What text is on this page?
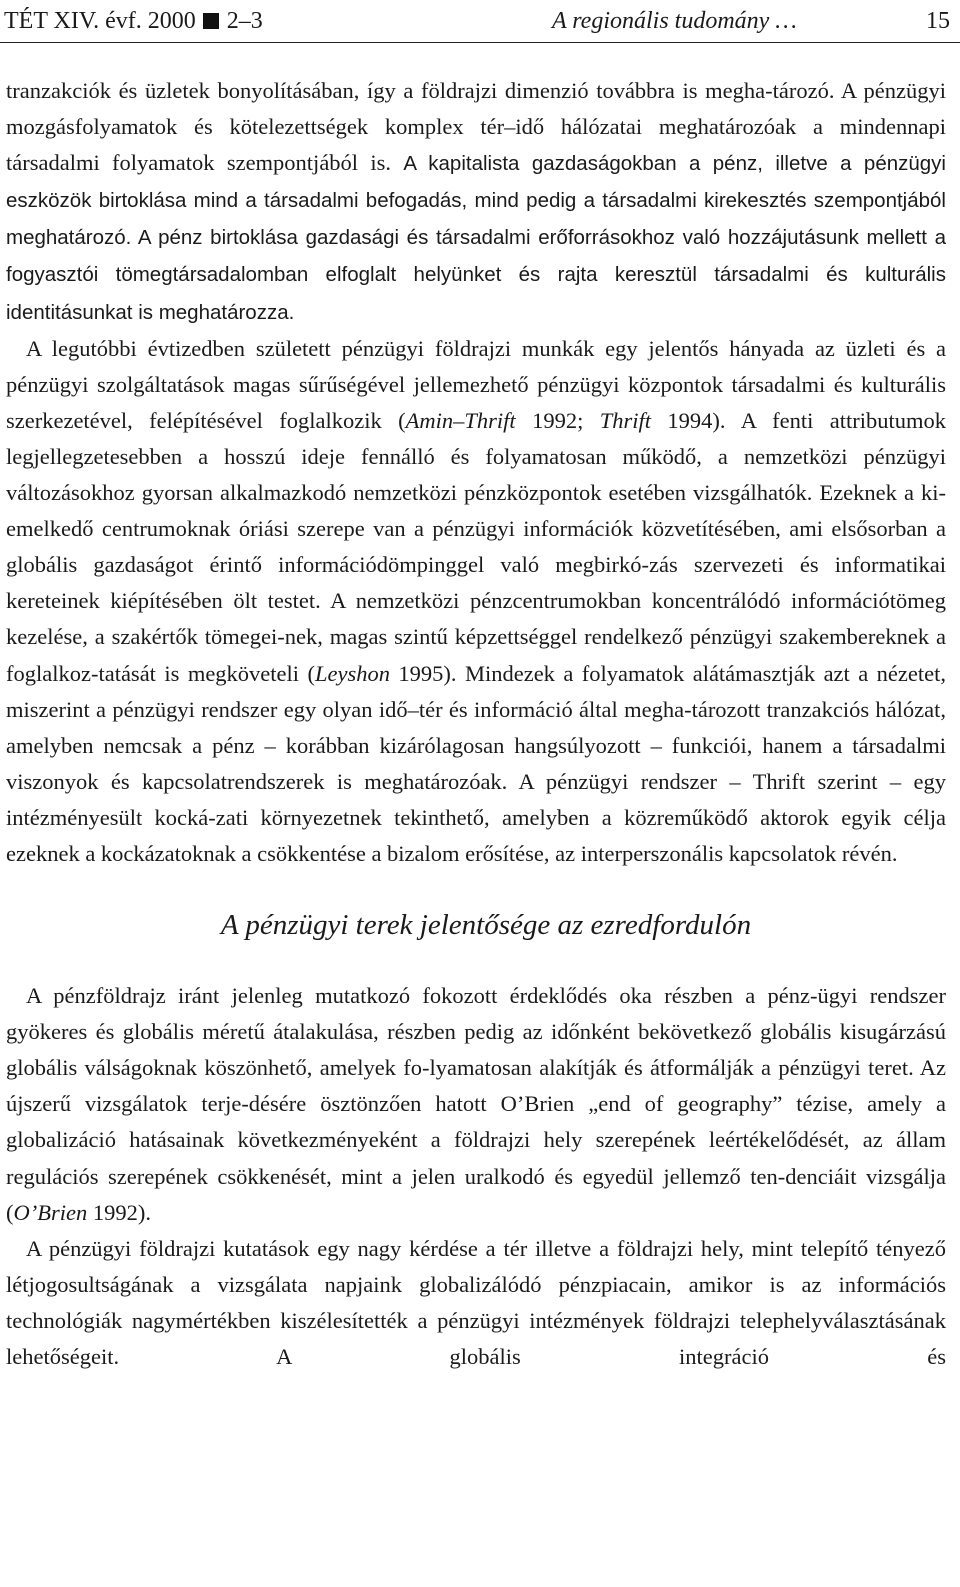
TÉT XIV. évf. 2000 2–3	A regionális tudomány …	15

tranzakciók és üzletek bonyolításában, így a földrajzi dimenzió továbbra is megha-tározó. A pénzügyi mozgásfolyamatok és kötelezettségek komplex tér–idő hálózatai meghatározóak a mindennapi társadalmi folyamatok szempontjából is. A kapitalista gazdaságokban a pénz, illetve a pénzügyi eszközök birtoklása mind a társadalmi befogadás, mind pedig a társadalmi kirekesztés szempontjából meghatározó. A pénz birtoklása gazdasági és társadalmi erőforrásokhoz való hozzájutásunk mellett a fogyasztói tömegtársadalomban elfoglalt helyünket és rajta keresztül társadalmi és kulturális identitásunkat is meghatározza.

A legutóbbi évtizedben született pénzügyi földrajzi munkák egy jelentős hányada az üzleti és a pénzügyi szolgáltatások magas sűrűségével jellemezhető pénzügyi központok társadalmi és kulturális szerkezetével, felépítésével foglalkozik (Amin–Thrift 1992; Thrift 1994). A fenti attributumok legjellegzetesebben a hosszú ideje fennálló és folyamatosan működő, a nemzetközi pénzügyi változásokhoz gyorsan alkalmazkodó nemzetközi pénzközpontok esetében vizsgálhatók. Ezeknek a ki-emelkedő centrumoknak óriási szerepe van a pénzügyi információk közvetítésében, ami elsősorban a globális gazdaságot érintő információdömpinggel való megbirkó-zás szervezeti és informatikai kereteinek kiépítésében ölt testet. A nemzetközi pénzcentrumokban koncentrálódó információtömeg kezelése, a szakértők tömegei-nek, magas szintű képzettséggel rendelkező pénzügyi szakembereknek a foglalkoz-tatását is megköveteli (Leyshon 1995). Mindezek a folyamatok alátámasztják azt a nézetet, miszerint a pénzügyi rendszer egy olyan idő–tér és információ által megha-tározott tranzakciós hálózat, amelyben nemcsak a pénz – korábban kizárólagosan hangsúlyozott – funkciói, hanem a társadalmi viszonyok és kapcsolatrendszerek is meghatározóak. A pénzügyi rendszer – Thrift szerint – egy intézményesült kocká-zati környezetnek tekinthető, amelyben a közreműködő aktorok egyik célja ezeknek a kockázatoknak a csökkentése a bizalom erősítése, az interperszonális kapcsolatok révén.

A pénzügyi terek jelentősége az ezredfordulón

A pénzföldrajz iránt jelenleg mutatkozó fokozott érdeklődés oka részben a pénz-ügyi rendszer gyökeres és globális méretű átalakulása, részben pedig az időnként bekövetkező globális kisugárzású globális válságoknak köszönhető, amelyek fo-lyamatosan alakítják és átformálják a pénzügyi teret. Az újszerű vizsgálatok terje-désére ösztönzően hatott O’Brien „end of geography” tézise, amely a globalizáció hatásainak következményeként a földrajzi hely szerepének leértékelődését, az állam regulációs szerepének csökkenését, mint a jelen uralkodó és egyedül jellemző ten-denciáit vizsgálja (O’Brien 1992).

A pénzügyi földrajzi kutatások egy nagy kérdése a tér illetve a földrajzi hely, mint telepítő tényező létjogosultságának a vizsgálata napjaink globalizálódó pénzpiacain, amikor is az információs technológiák nagymértékben kiszélesítették a pénzügyi intézmények földrajzi telephelyválasztásának lehetőségeit. A globális integráció és
